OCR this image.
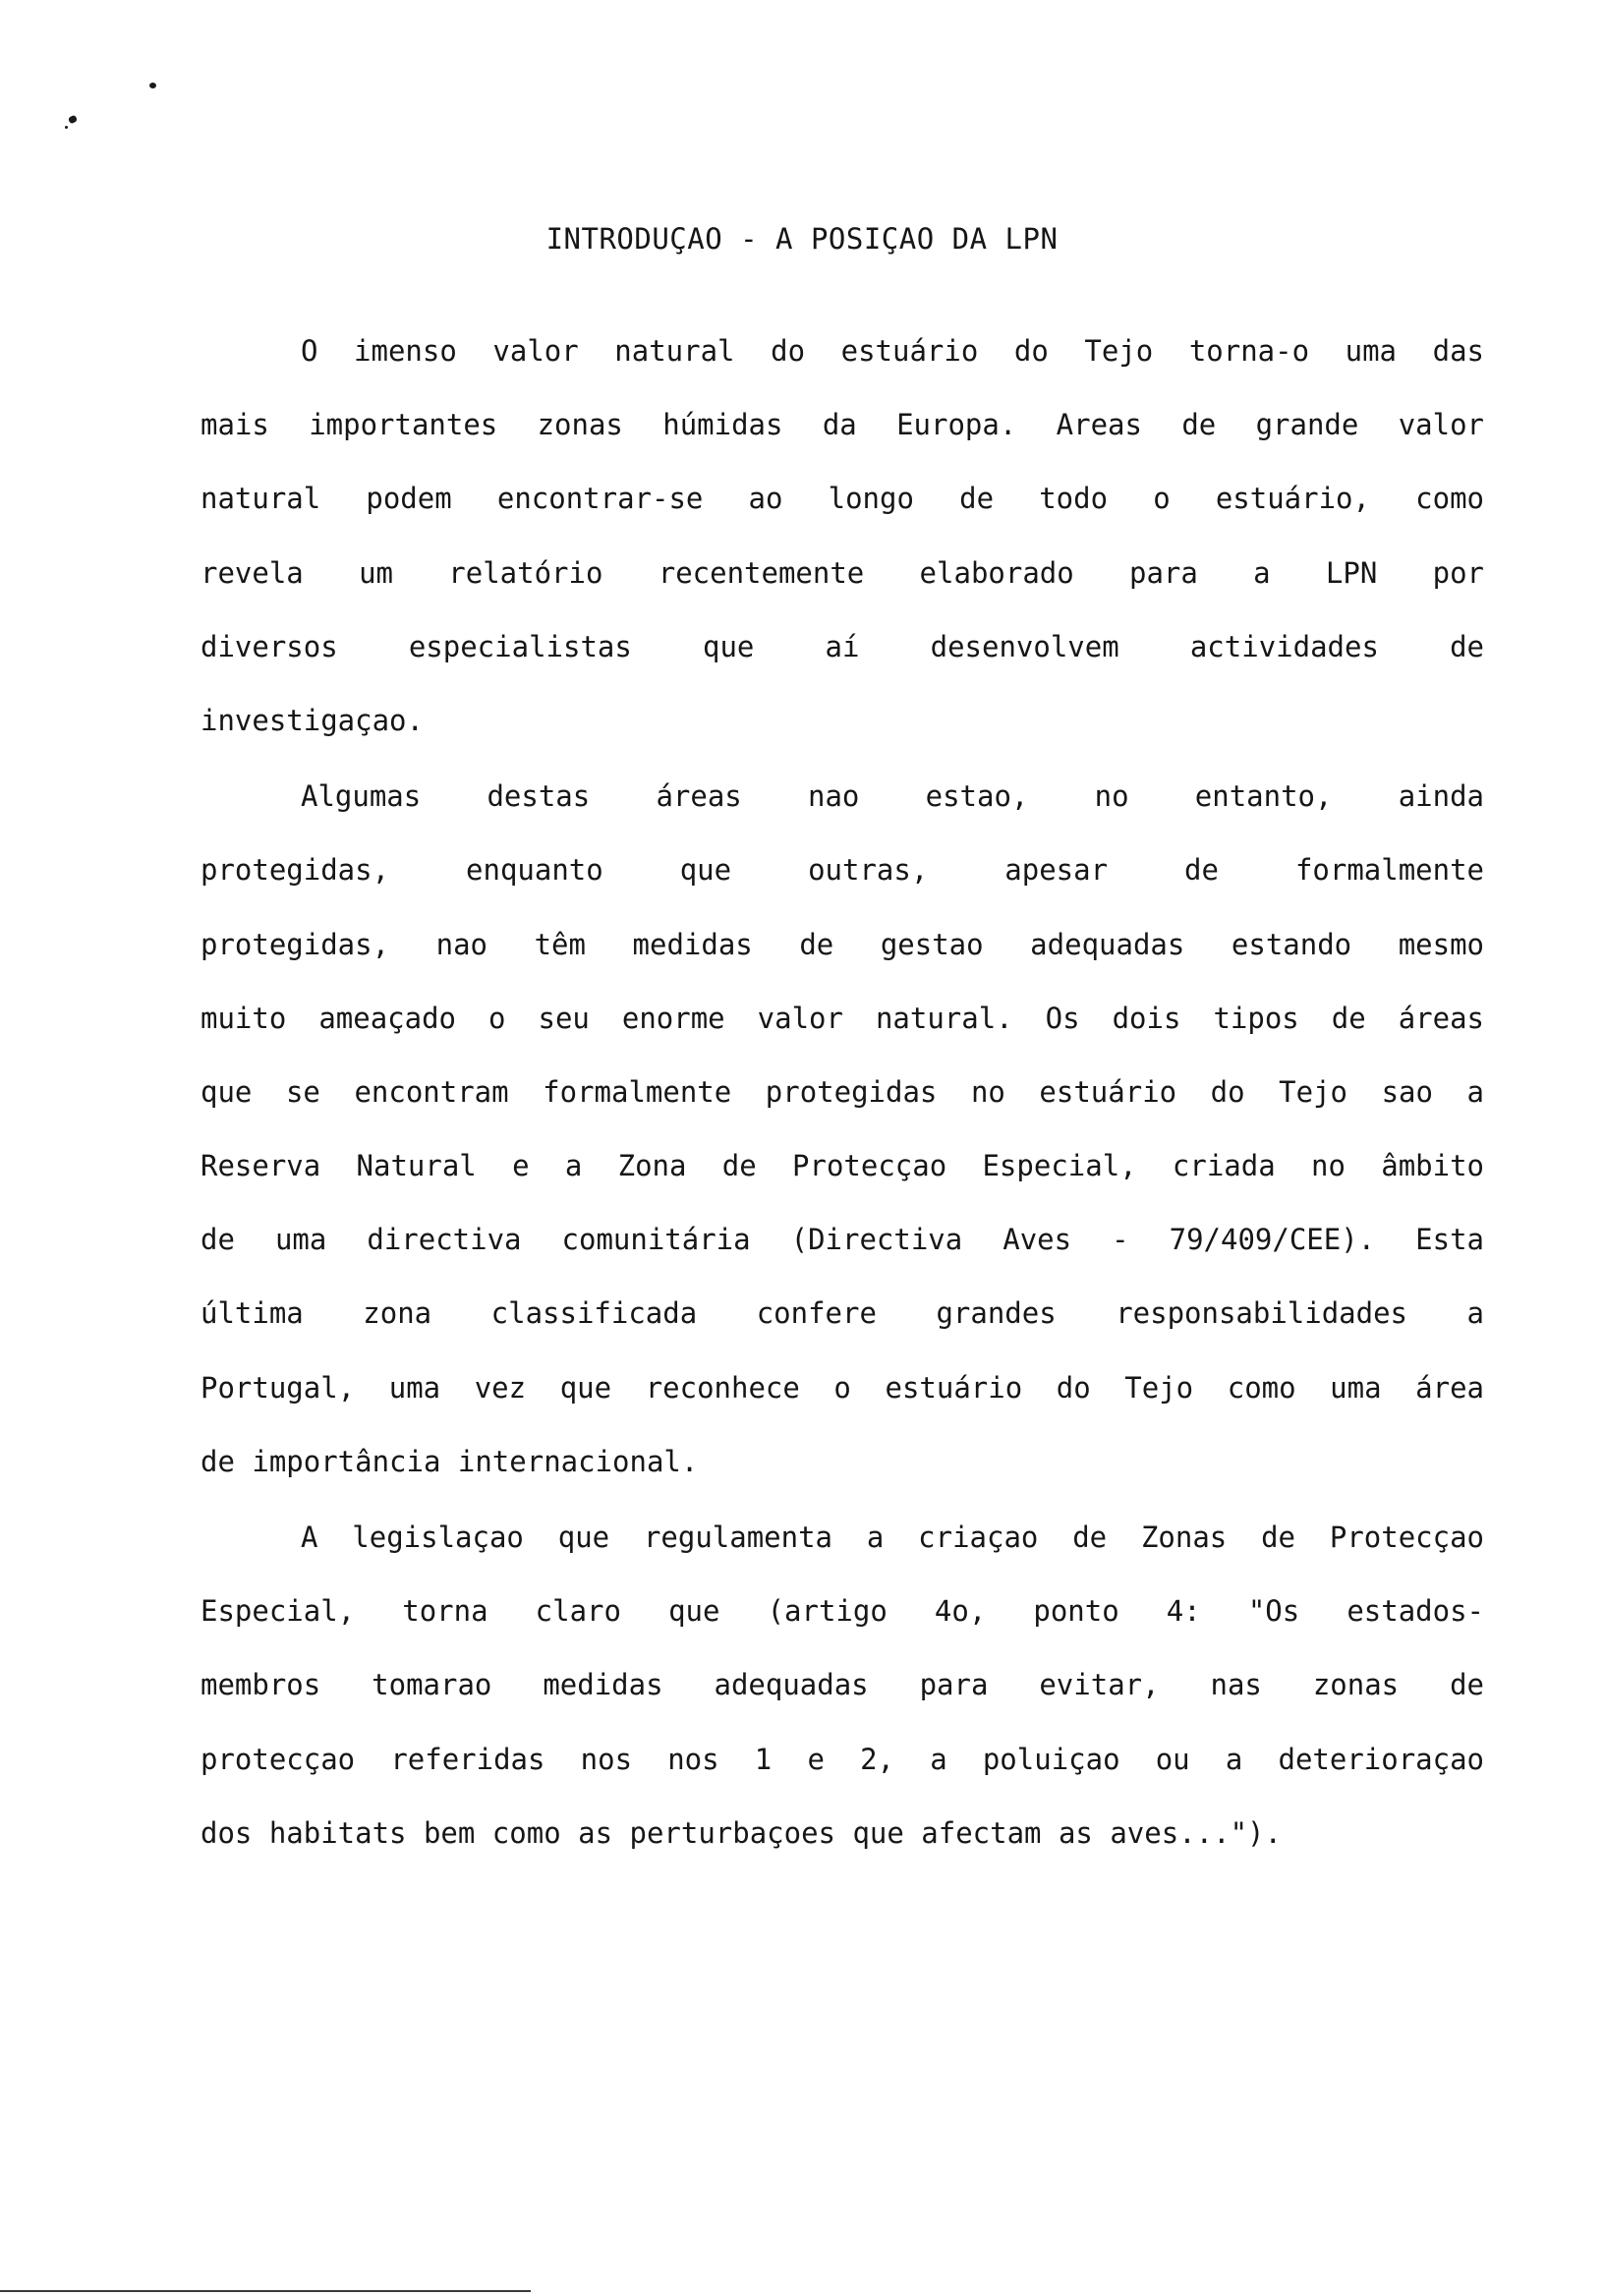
INTRODUÇAO - A POSIÇAO DA LPN

O imenso valor natural do estuário do Tejo torna-o uma das
mais importantes zonas húmidas da Europa. Areas de grande valor
natural podem encontrar-se ao longo de todo o estuário, como
revela um relatório recentemente elaborado para a LPN por
diversos especialistas que aí desenvolvem actividades de
investigaçao.

Algumas destas áreas nao estao, no entanto, ainda
protegidas, enquanto que outras, apesar de formalmente
protegidas, nao têm medidas de gestao adequadas estando mesmo
muito ameaçado o seu enorme valor natural. Os dois tipos de áreas
que se encontram formalmente protegidas no estuário do Tejo sao a
Reserva Natural e a Zona de Protecçao Especial, criada no âmbito
de uma directiva comunitária (Directiva Aves - 79/409/CEE). Esta
última zona classificada confere grandes responsabilidades a
Portugal, uma vez que reconhece o estuário do Tejo como uma área
de importância internacional.

A legislaçao que regulamenta a criaçao de Zonas de Protecçao
Especial, torna claro que (artigo 4o, ponto 4: "Os estados-
membros tomarao medidas adequadas para evitar, nas zonas de
protecçao referidas nos nos 1 e 2, a poluiçao ou a deterioraçao
dos habitats bem como as perturbaçoes que afectam as aves...").
